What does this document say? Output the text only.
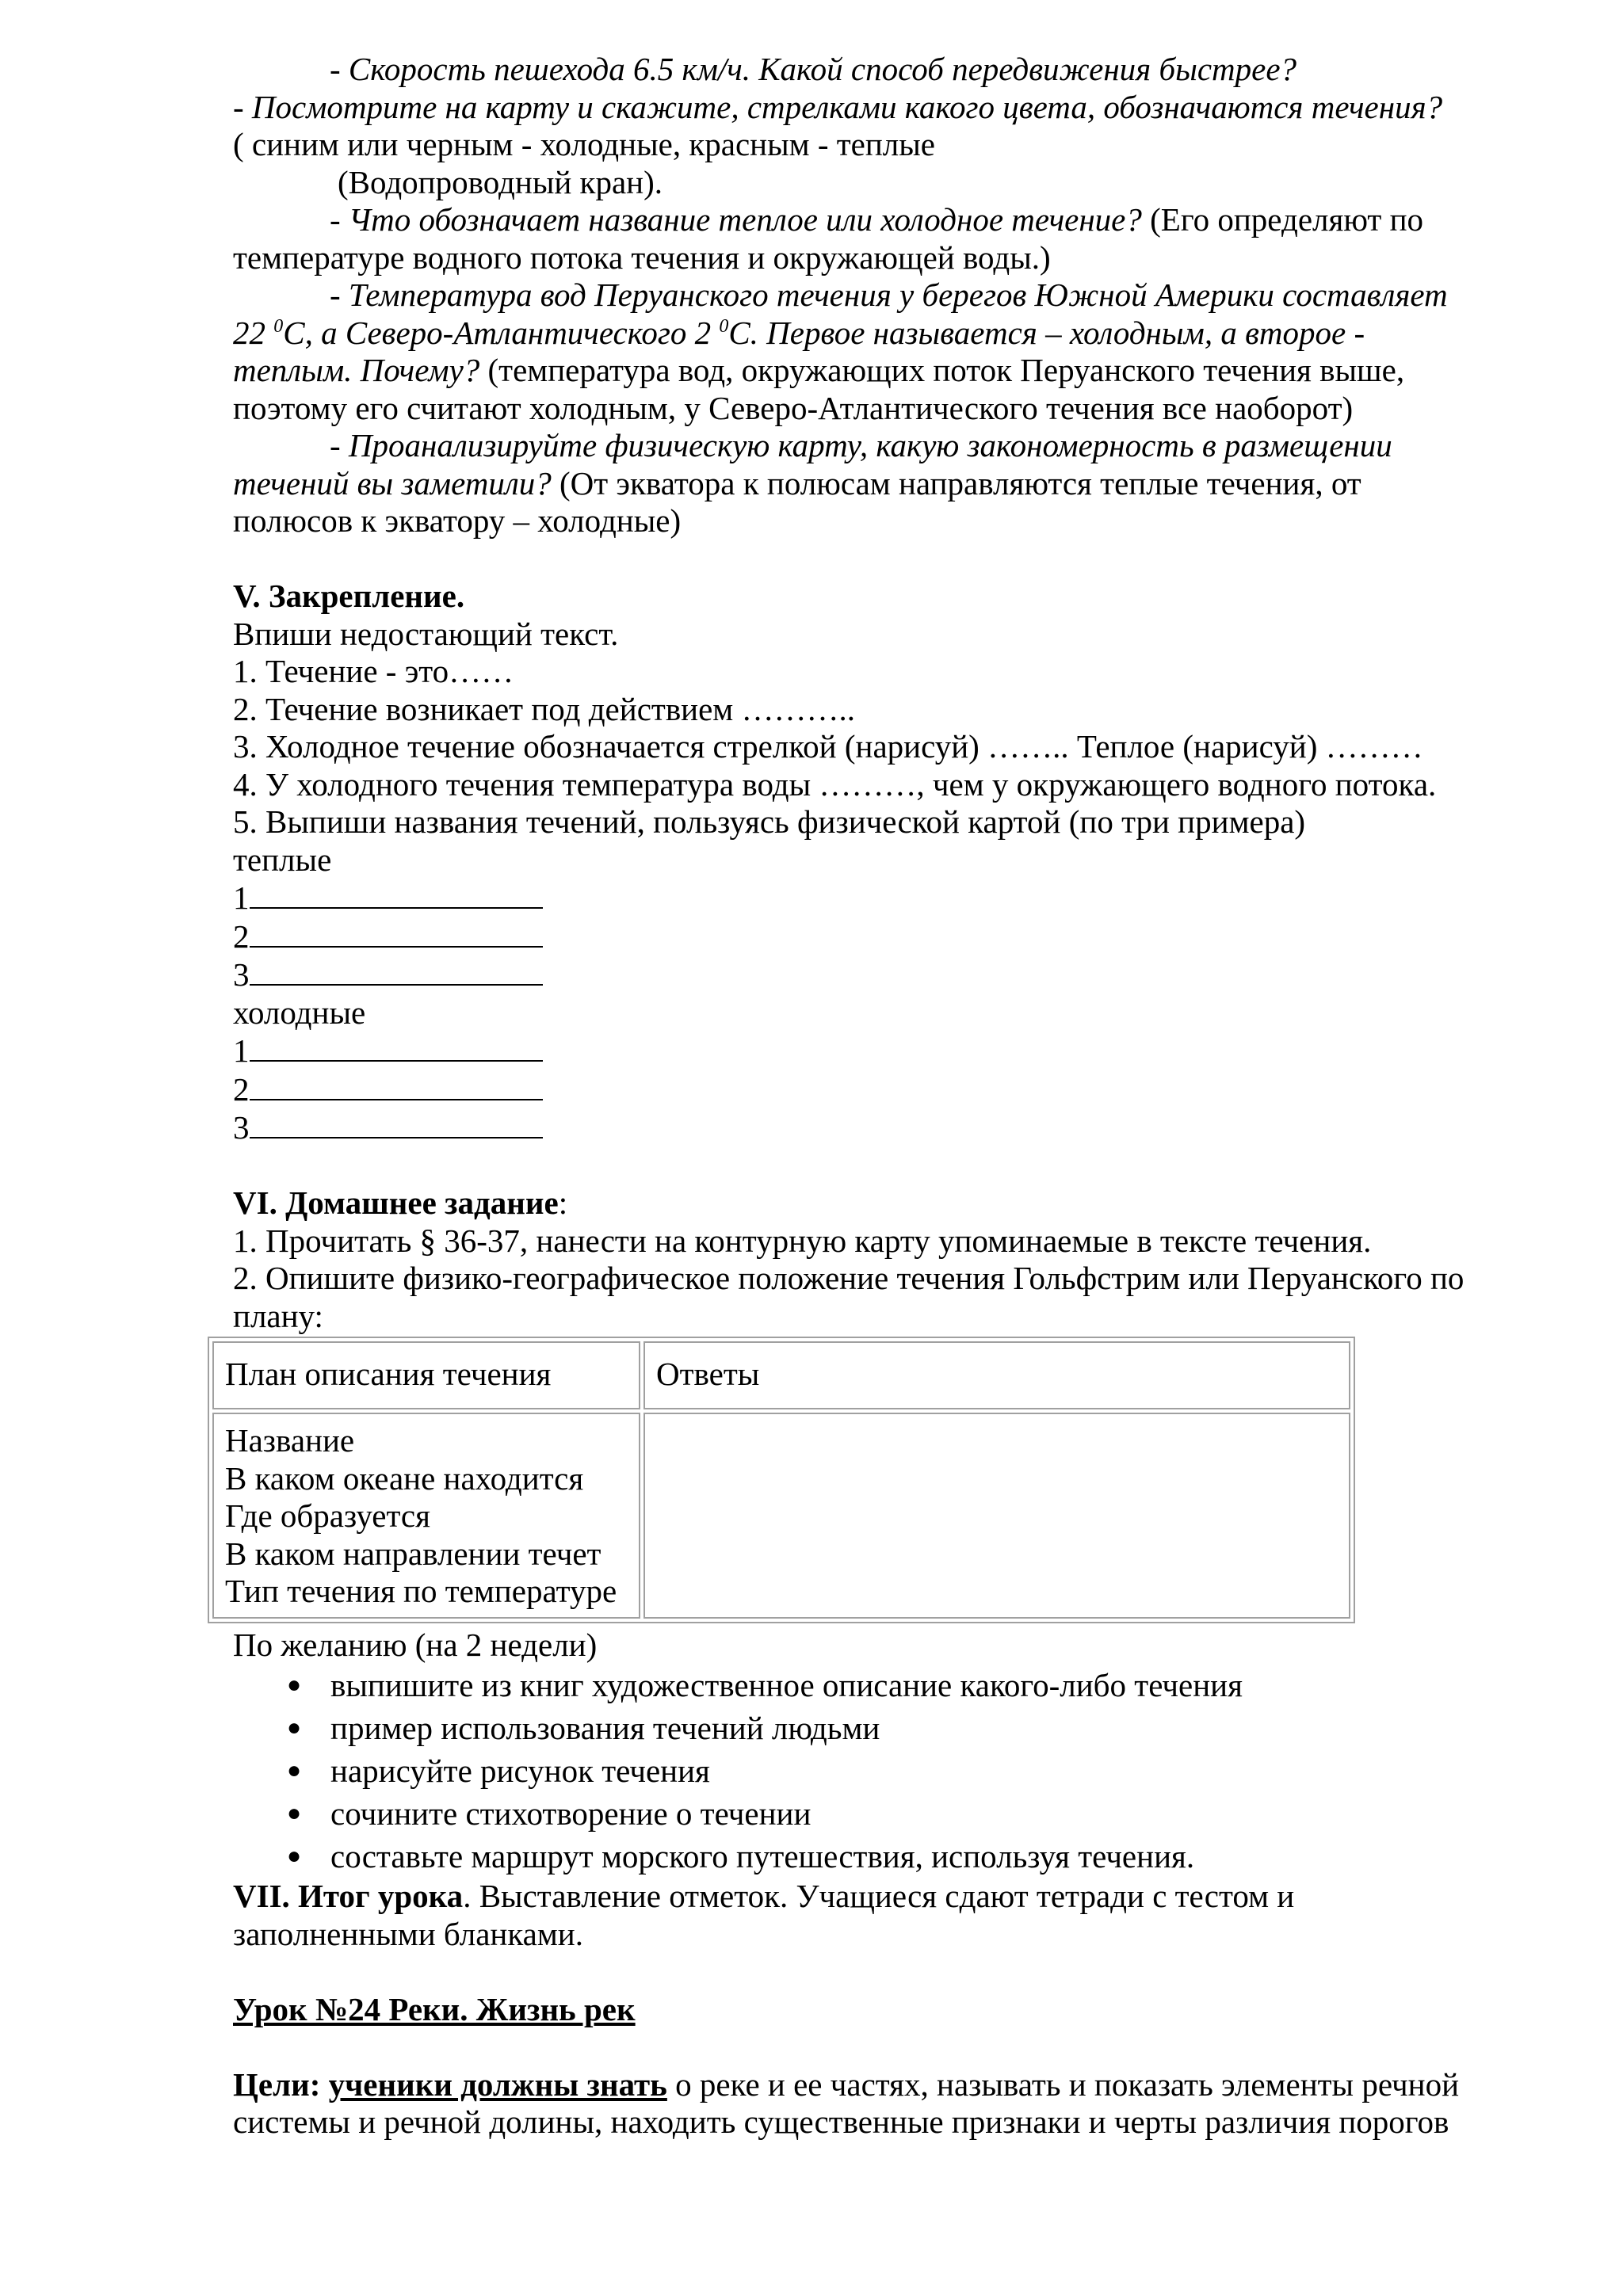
- Скорость пешехода 6.5 км/ч. Какой способ передвижения быстрее?

- Посмотрите на карту и скажите, стрелками какого цвета, обозначаются течения?

( синим или черным - холодные, красным - теплые

(Водопроводный кран).

- Что обозначает название теплое или холодное течение? (Его определяют по

температуре водного потока течения и окружающей воды.)

- Температура вод Перуанского течения у берегов Южной Америки составляет

22 $^0$С, а Северо-Атлантического 2 $^0$С. Первое называется – холодным, а второе -

теплым. Почему? (температура вод, окружающих поток Перуанского течения выше,

поэтому его считают холодным, у Северо-Атлантического течения все наоборот)

- Проанализируйте физическую карту, какую закономерность в размещении

течений вы заметили? (От экватора к полюсам направляются теплые течения, от

полюсов к экватору – холодные)

V. Закрепление.

Впиши недостающий текст.

1. Течение - это……

2. Течение возникает под действием ………..

3. Холодное течение обозначается стрелкой (нарисуй) …….. Теплое (нарисуй) ………

4. У холодного течения температура воды ………, чем у окружающего водного потока.

5. Выпиши названия течений, пользуясь физической картой (по три примера)

теплые

1

2

3

холодные

1

2

3

VI. Домашнее задание:

1. Прочитать § 36-37, нанести на контурную карту упоминаемые в тексте течения.

2. Опишите физико-географическое положение течения Гольфстрим или Перуанского по

плану:

План описания течения	Ответы

Название
В каком океане находится
Где образуется
В каком направлении течет
Тип течения по температуре	

По желанию (на 2 недели)

● выпишите из книг художественное описание какого-либо течения
● пример использования течений людьми
● нарисуйте рисунок течения
● сочините стихотворение о течении
● составьте маршрут морского путешествия, используя течения.

VII. Итог урока. Выставление отметок. Учащиеся сдают тетради с тестом и

заполненными бланками.

Урок №24 Реки. Жизнь рек

Цели: ученики должны знать о реке и ее частях, называть и показать элементы речной

системы и речной долины, находить существенные признаки и черты различия порогов
